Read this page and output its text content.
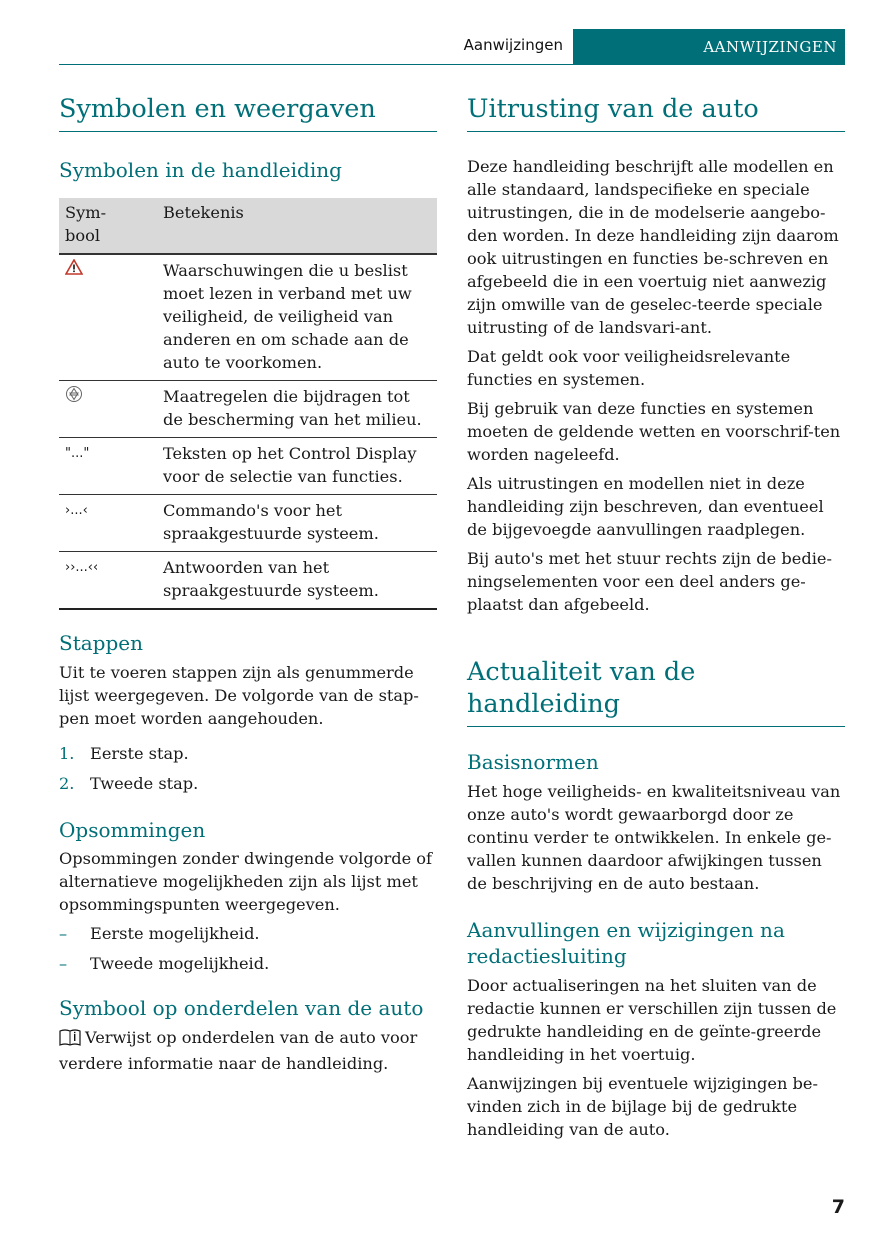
Aanwijzingen	AANWIJZINGEN
Symbolen en weergaven
Symbolen in de handleiding
Sym-
bool	Betekenis
	Waarschuwingen die u beslist moet lezen in verband met uw veiligheid, de veiligheid van anderen en om schade aan de auto te voorkomen.
	Maatregelen die bijdragen tot de bescherming van het milieu.
"..."	Teksten op het Control Display voor de selectie van functies.
›...‹	Commando's voor het spraakgestuurde systeem.
››...‹‹	Antwoorden van het spraakgestuurde systeem.
Stappen

Uit te voeren stappen zijn als genummerde lijst weergegeven. De volgorde van de stap-pen moet worden aangehouden.

1. Eerste stap.
2. Tweede stap.
Opsommingen

Opsommingen zonder dwingende volgorde of alternatieve mogelijkheden zijn als lijst met opsommingspunten weergegeven.

–	Eerste mogelijkheid.
–	Tweede mogelijkheid.
Symbool op onderdelen van de auto

Verwijst op onderdelen van de auto voor verdere informatie naar de handleiding.

Uitrusting van de auto

Deze handleiding beschrijft alle modellen en alle standaard, landspecifieke en speciale uitrustingen, die in de modelserie aangebo-den worden. In deze handleiding zijn daarom ook uitrustingen en functies be-schreven en afgebeeld die in een voertuig niet aanwezig zijn omwille van de geselec-teerde speciale uitrusting of de landsvari-ant.

Dat geldt ook voor veiligheidsrelevante functies en systemen.

Bij gebruik van deze functies en systemen moeten de geldende wetten en voorschrif-ten worden nageleefd.

Als uitrustingen en modellen niet in deze handleiding zijn beschreven, dan eventueel de bijgevoegde aanvullingen raadplegen.

Bij auto's met het stuur rechts zijn de bedie-ningselementen voor een deel anders ge-plaatst dan afgebeeld.

Actualiteit van de handleiding
Basisnormen

Het hoge veiligheids- en kwaliteitsniveau van onze auto's wordt gewaarborgd door ze continu verder te ontwikkelen. In enkele ge-vallen kunnen daardoor afwijkingen tussen de beschrijving en de auto bestaan.

Aanvullingen en wijzigingen na redactiesluiting

Door actualiseringen na het sluiten van de redactie kunnen er verschillen zijn tussen de gedrukte handleiding en de geïnte-greerde handleiding in het voertuig.

Aanwijzingen bij eventuele wijzigingen be-vinden zich in de bijlage bij de gedrukte handleiding van de auto.

7
